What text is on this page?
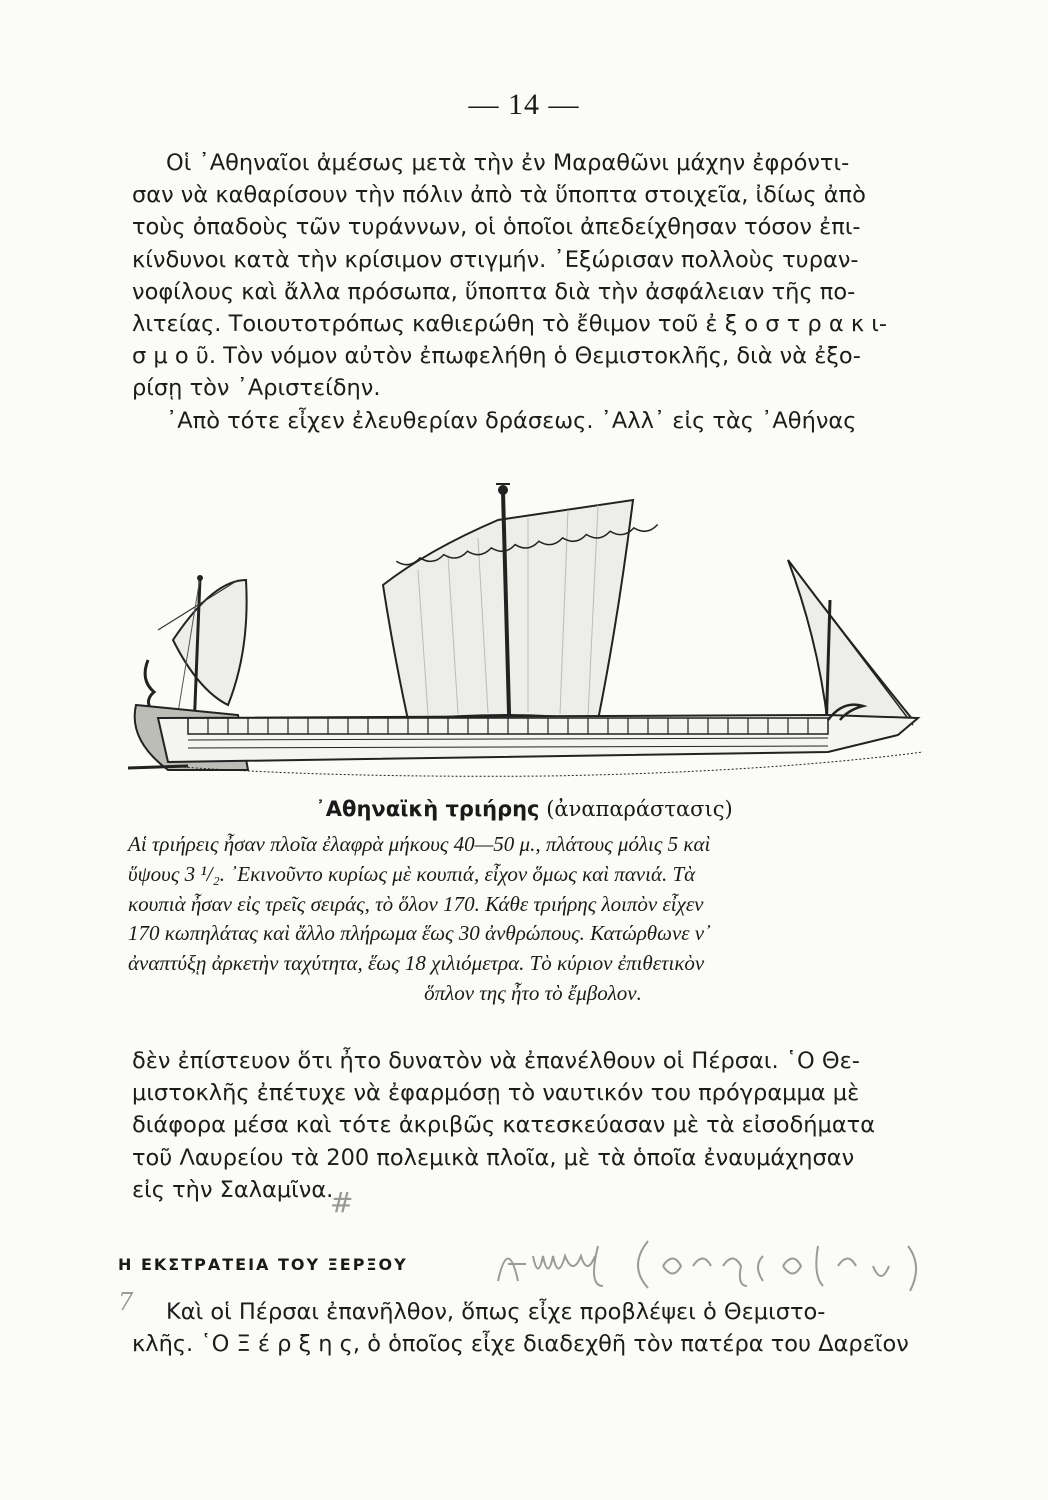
— 14 —
Οἱ ᾿Αθηναῖοι ἀμέσως μετὰ τὴν ἐν Μαραθῶνι μάχην ἐφρόντι-
σαν νὰ καθαρίσουν τὴν πόλιν ἀπὸ τὰ ὕποπτα στοιχεῖα, ἰδίως ἀπὸ
τοὺς ὀπαδοὺς τῶν τυράννων, οἱ ὁποῖοι ἀπεδείχθησαν τόσον ἐπι-
κίνδυνοι κατὰ τὴν κρίσιμον στιγμήν. ᾿Εξώρισαν πολλοὺς τυραν-
νοφίλους καὶ ἄλλα πρόσωπα, ὕποπτα διὰ τὴν ἀσφάλειαν τῆς πο-
λιτείας. Τοιουτοτρόπως καθιερώθη τὸ ἔθιμον τοῦ ἐ ξ ο σ τ ρ α κ ι-
σ μ ο ῦ. Τὸν νόμον αὐτὸν ἐπωφελήθη ὁ Θεμιστοκλῆς, διὰ νὰ ἐξο-
ρίσῃ τὸν ᾿Αριστείδην.
᾿Απὸ τότε εἶχεν ἐλευθερίαν δράσεως. ᾿Αλλ᾿ εἰς τὰς ᾿Αθήνας
᾿Αθηναϊκὴ τριήρης (ἀναπαράστασις)
Αἱ τριήρεις ἦσαν πλοῖα ἐλαφρὰ μήκους 40—50 μ., πλάτους μόλις 5 καὶ
ὕψους 3 ¹/₂. ᾿Εκινοῦντο κυρίως μὲ κουπιά, εἶχον ὅμως καὶ πανιά. Τὰ
κουπιὰ ἦσαν εἰς τρεῖς σειράς, τὸ ὅλον 170. Κάθε τριήρης λοιπὸν εἶχεν
170 κωπηλάτας καὶ ἄλλο πλήρωμα ἕως 30 ἀνθρώπους. Κατώρθωνε ν᾿
ἀναπτύξῃ ἀρκετὴν ταχύτητα, ἕως 18 χιλιόμετρα. Τὸ κύριον ἐπιθετικὸν
ὅπλον της ἦτο τὸ ἔμβολον.
δὲν ἐπίστευον ὅτι ἦτο δυνατὸν νὰ ἐπανέλθουν οἱ Πέρσαι. ῾Ο Θε-
μιστοκλῆς ἐπέτυχε νὰ ἐφαρμόσῃ τὸ ναυτικόν του πρόγραμμα μὲ
διάφορα μέσα καὶ τότε ἀκριβῶς κατεσκεύασαν μὲ τὰ εἰσοδήματα
τοῦ Λαυρείου τὰ 200 πολεμικὰ πλοῖα, μὲ τὰ ὁποῖα ἐναυμάχησαν
εἰς τὴν Σαλαμῖνα.
#
Η ΕΚΣΤΡΑΤΕΙΑ ΤΟΥ ΞΕΡΞΟΥ
Αἰγιαλεως (εἰσαγάγων)
7	Καὶ οἱ Πέρσαι ἐπανῆλθον, ὅπως εἶχε προβλέψει ὁ Θεμιστο-
κλῆς. ῾Ο Ξ έ ρ ξ η ς, ὁ ὁποῖος εἶχε διαδεχθῆ τὸν πατέρα του Δαρεῖον
